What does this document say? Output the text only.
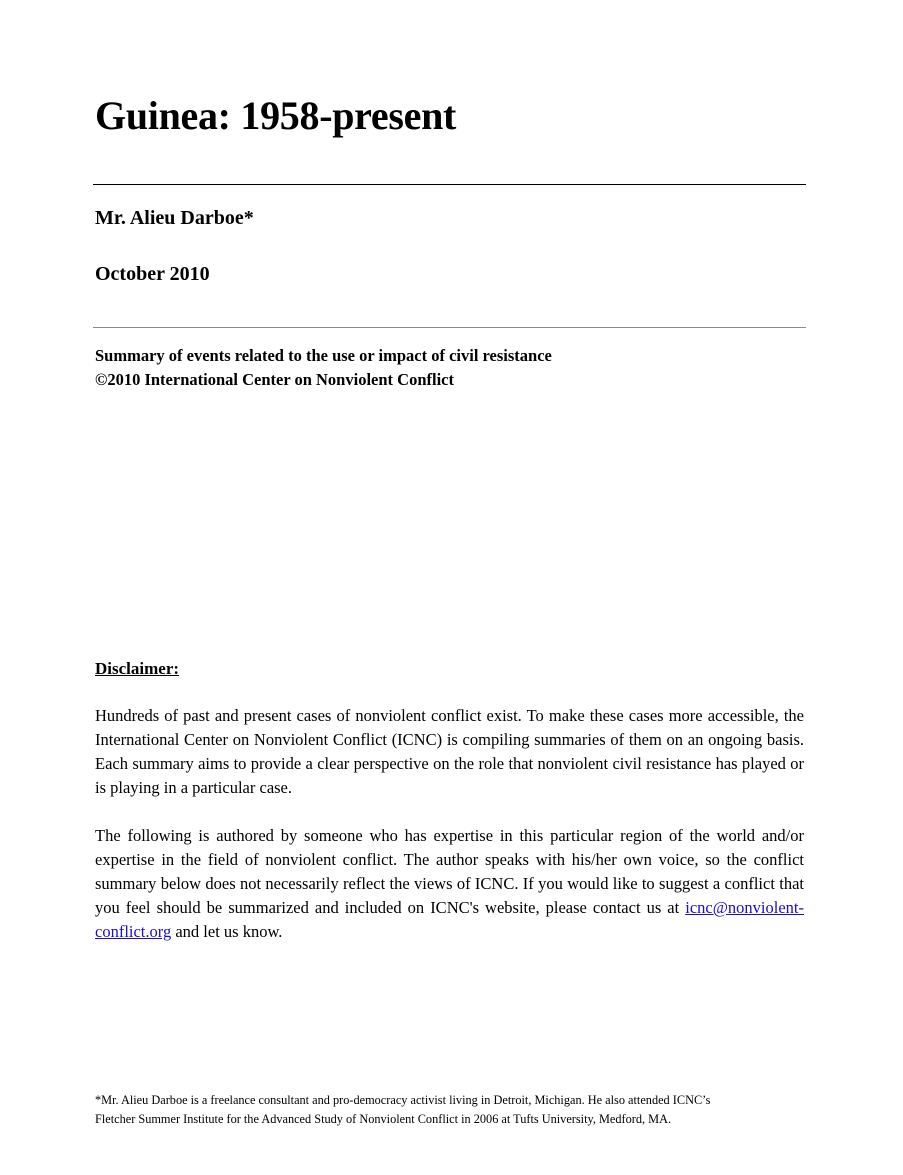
Guinea: 1958-present
Mr. Alieu Darboe*
October 2010
Summary of events related to the use or impact of civil resistance
©2010 International Center on Nonviolent Conflict
Disclaimer:

Hundreds of past and present cases of nonviolent conflict exist. To make these cases more accessible, the International Center on Nonviolent Conflict (ICNC) is compiling summaries of them on an ongoing basis. Each summary aims to provide a clear perspective on the role that nonviolent civil resistance has played or is playing in a particular case.

The following is authored by someone who has expertise in this particular region of the world and/or expertise in the field of nonviolent conflict. The author speaks with his/her own voice, so the conflict summary below does not necessarily reflect the views of ICNC. If you would like to suggest a conflict that you feel should be summarized and included on ICNC's website, please contact us at icnc@nonviolent-conflict.org and let us know.

*Mr. Alieu Darboe is a freelance consultant and pro-democracy activist living in Detroit, Michigan. He also attended ICNC’s
Fletcher Summer Institute for the Advanced Study of Nonviolent Conflict in 2006 at Tufts University, Medford, MA.
